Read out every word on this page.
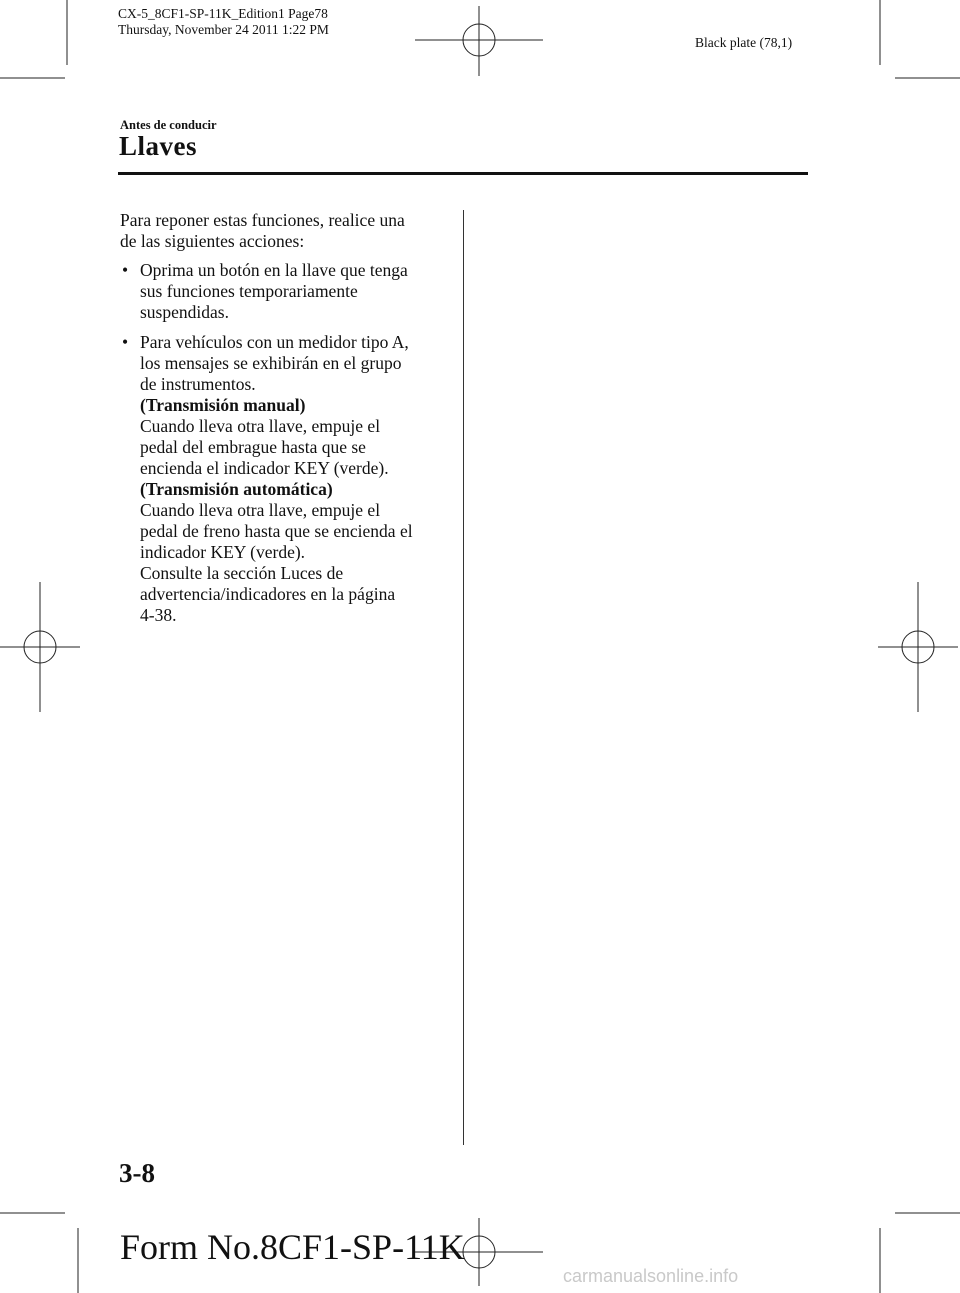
CX-5_8CF1-SP-11K_Edition1 Page78
Thursday, November 24 2011 1:22 PM
Black plate (78,1)
Antes de conducir
Llaves

Para reponer estas funciones, realice una
de las siguientes acciones:

• Oprima un botón en la llave que tenga
sus funciones temporariamente
suspendidas.
• Para vehículos con un medidor tipo A,
los mensajes se exhibirán en el grupo
de instrumentos.
(Transmisión manual)
Cuando lleva otra llave, empuje el
pedal del embrague hasta que se
encienda el indicador KEY (verde).
(Transmisión automática)
Cuando lleva otra llave, empuje el
pedal de freno hasta que se encienda el
indicador KEY (verde).
Consulte la sección Luces de
advertencia/indicadores en la página
4-38.
3-8
Form No.8CF1-SP-11K
carmanualsonline.info
